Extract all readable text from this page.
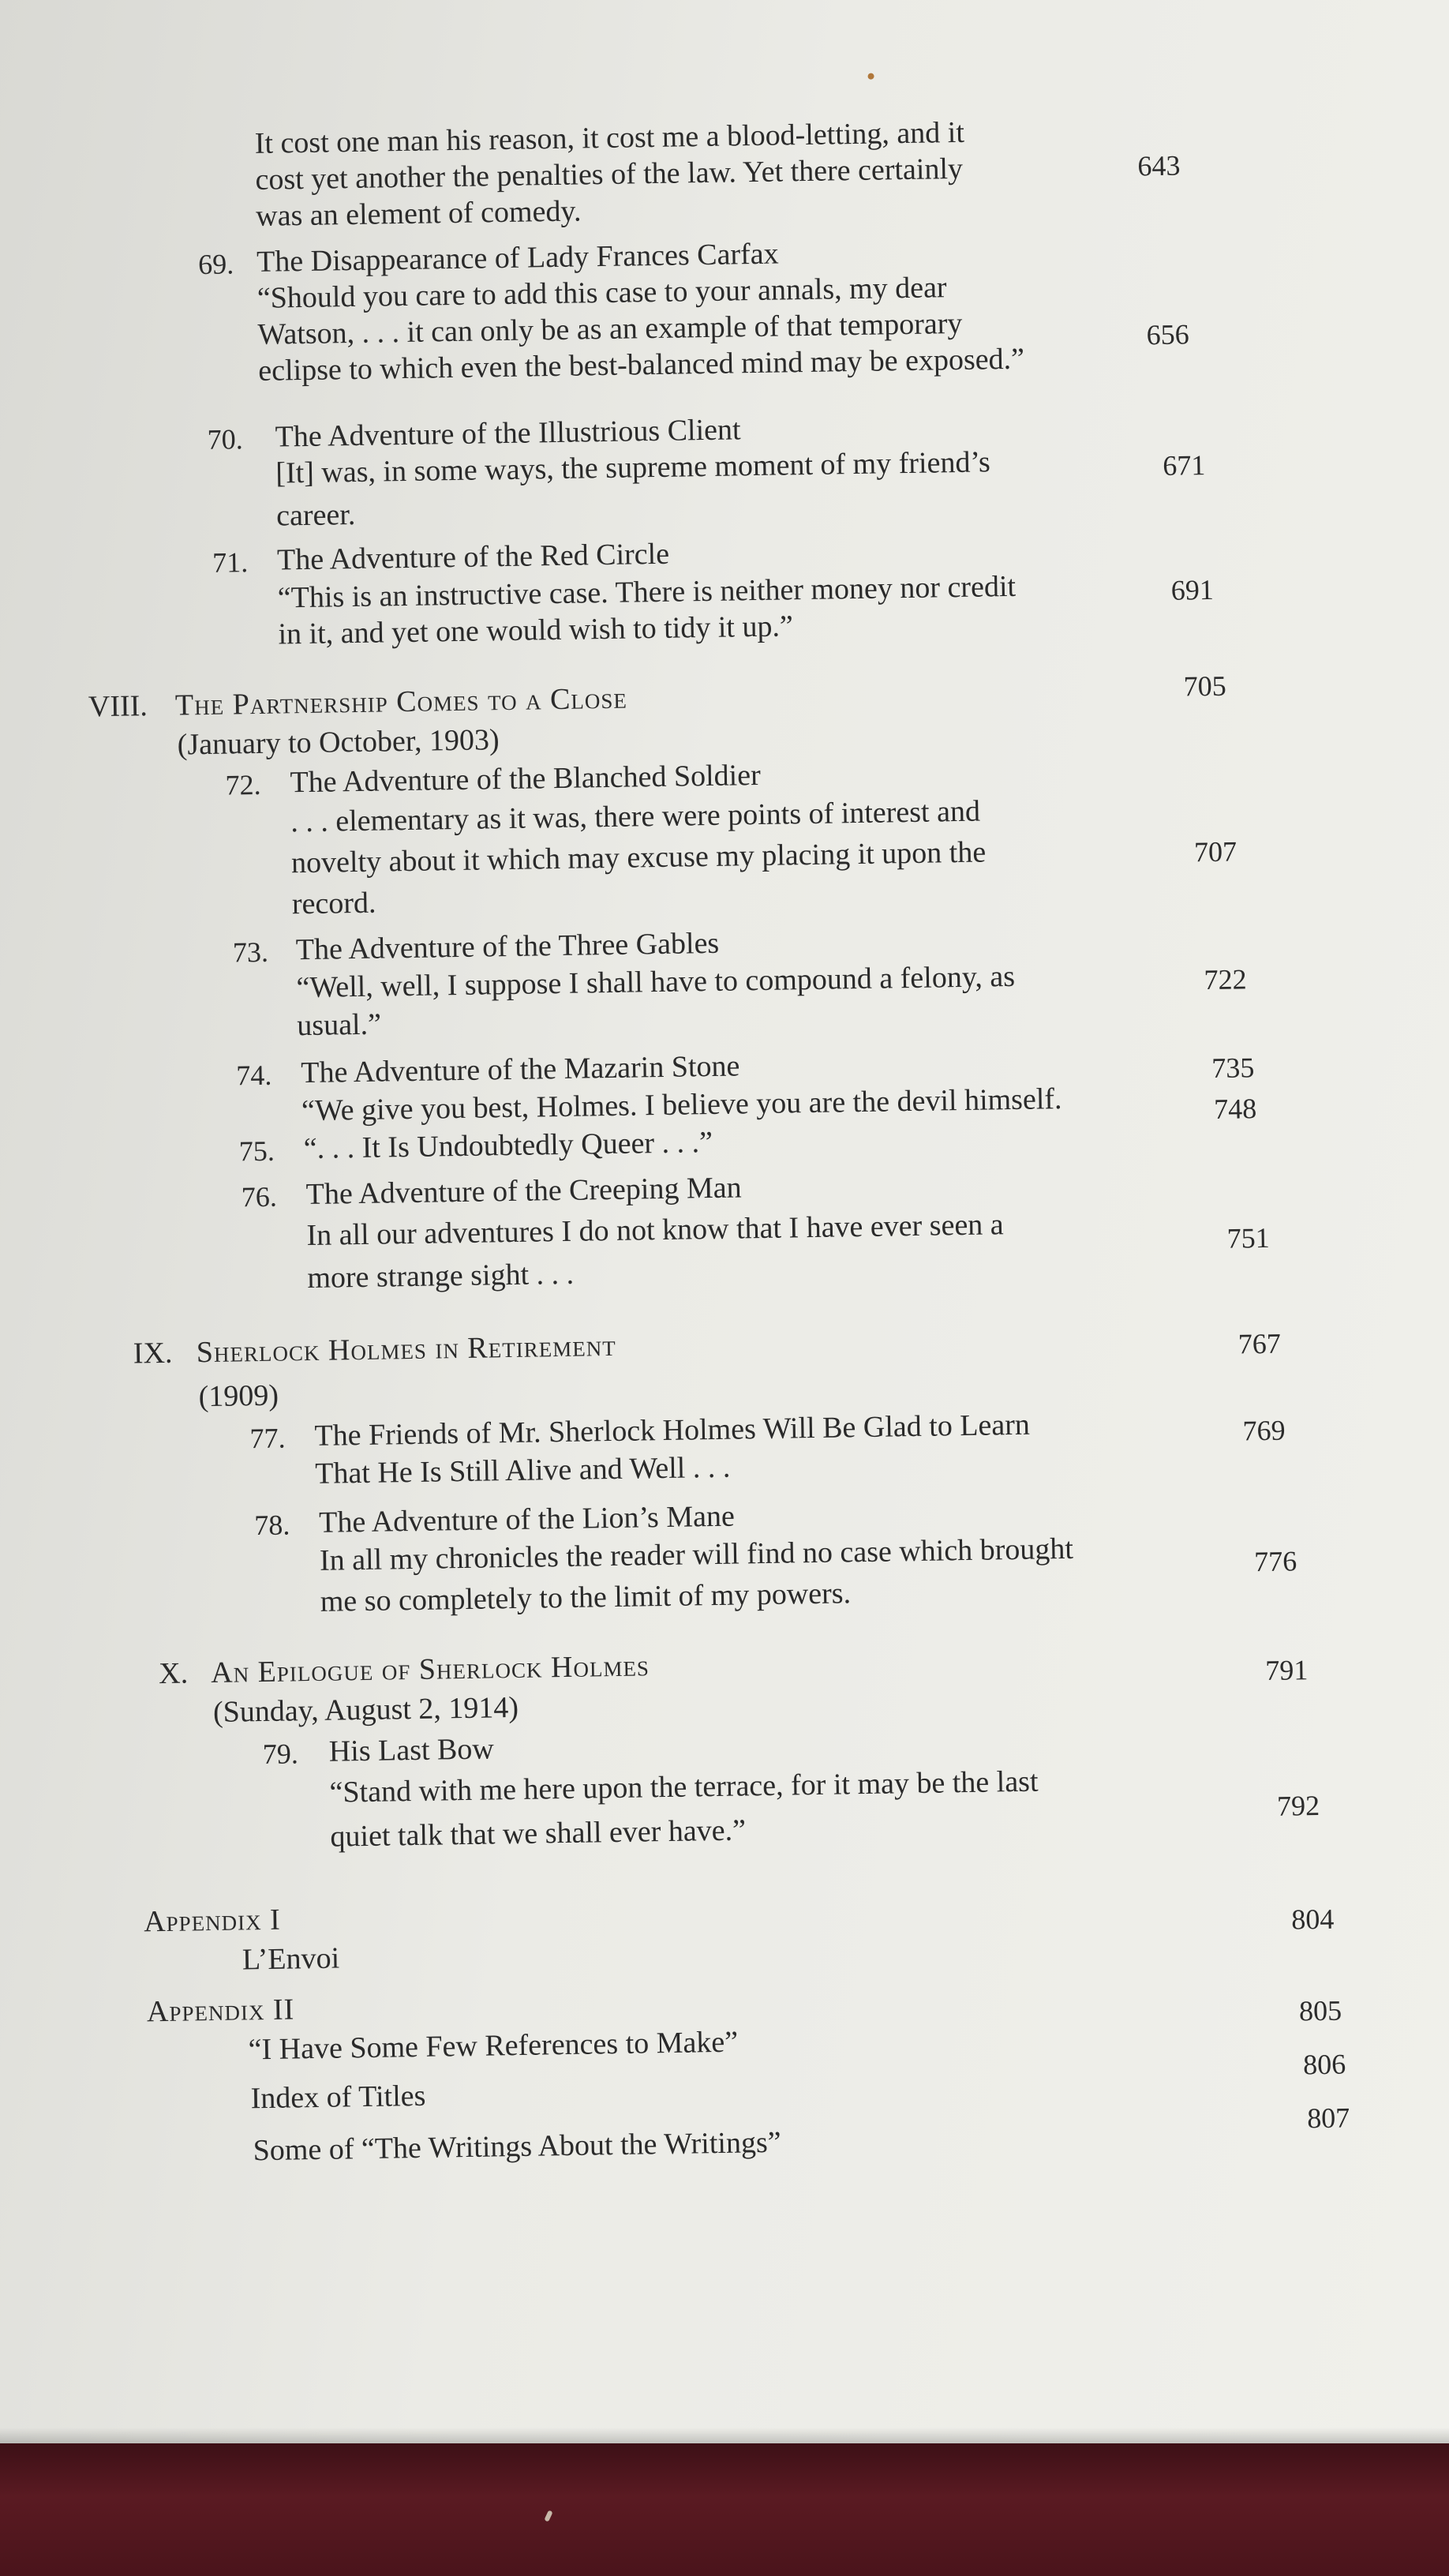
It cost one man his reason, it cost me a blood-letting, and it
cost yet another the penalties of the law. Yet there certainly
was an element of comedy.
643
69. The Disappearance of Lady Frances Carfax
“Should you care to add this case to your annals, my dear
Watson, . . . it can only be as an example of that temporary
eclipse to which even the best-balanced mind may be exposed.”
656
70. The Adventure of the Illustrious Client
[It] was, in some ways, the supreme moment of my friend’s
career.
671
71. The Adventure of the Red Circle
“This is an instructive case. There is neither money nor credit
in it, and yet one would wish to tidy it up.”
691
VIII. The Partnership Comes to a Close	705
(January to October, 1903)
72. The Adventure of the Blanched Soldier
. . . elementary as it was, there were points of interest and
novelty about it which may excuse my placing it upon the
record.
707
73. The Adventure of the Three Gables
“Well, well, I suppose I shall have to compound a felony, as
usual.”
722
74. The Adventure of the Mazarin Stone
“We give you best, Holmes. I believe you are the devil himself.
735
75. “. . . It Is Undoubtedly Queer . . .”
748
76. The Adventure of the Creeping Man
In all our adventures I do not know that I have ever seen a
more strange sight . . .
751
IX. Sherlock Holmes in Retirement	767
(1909)
77. The Friends of Mr. Sherlock Holmes Will Be Glad to Learn
That He Is Still Alive and Well . . .
769
78. The Adventure of the Lion’s Mane
In all my chronicles the reader will find no case which brought
me so completely to the limit of my powers.
776
X. An Epilogue of Sherlock Holmes	791
(Sunday, August 2, 1914)
79. His Last Bow
“Stand with me here upon the terrace, for it may be the last
quiet talk that we shall ever have.”
792
Appendix I
L’Envoi
804
Appendix II
“I Have Some Few References to Make”
805
Index of Titles
806
Some of “The Writings About the Writings”
807
